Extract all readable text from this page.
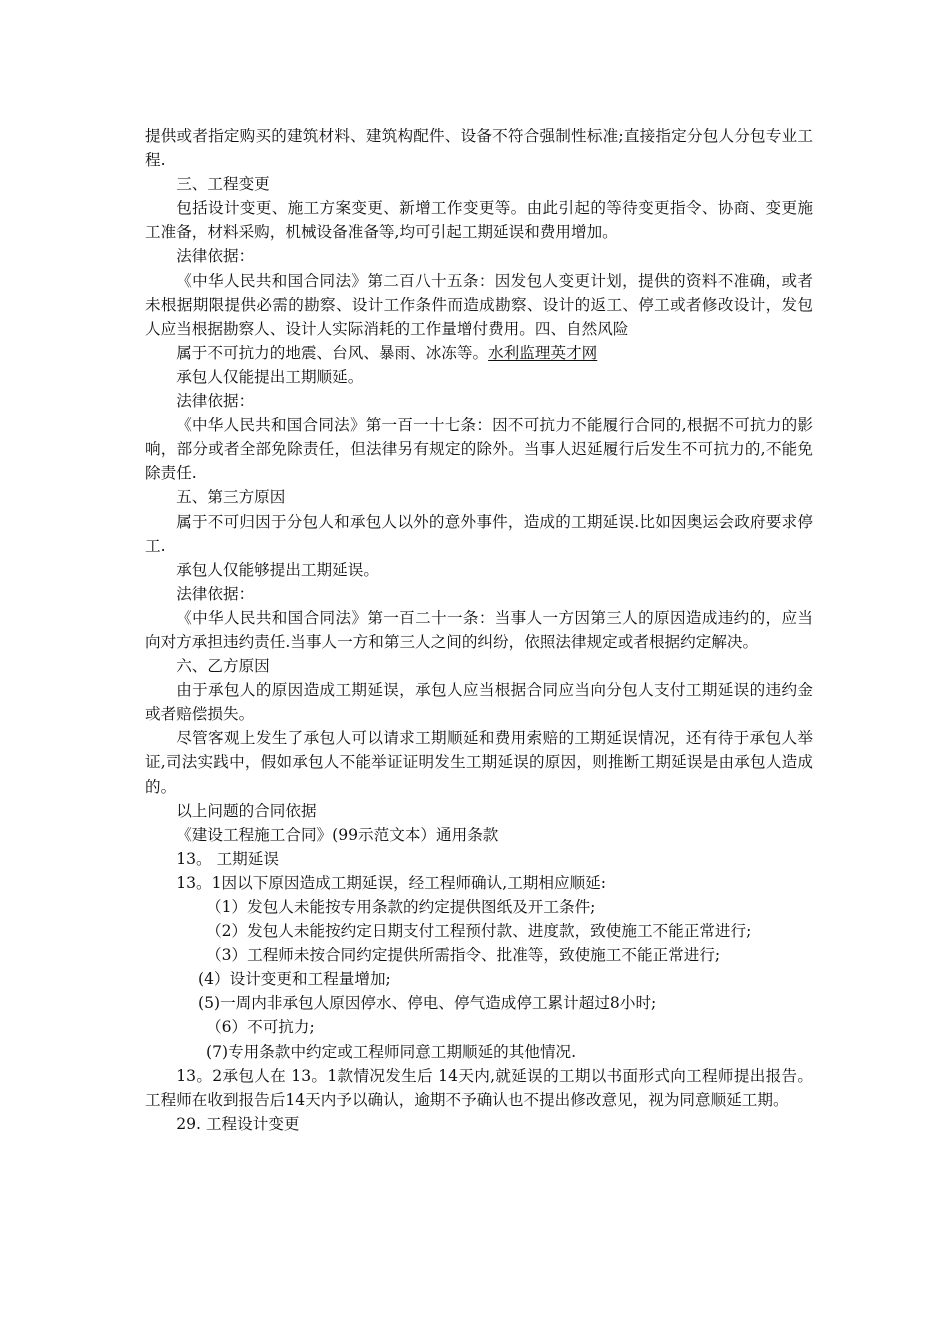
提供或者指定购买的建筑材料、建筑构配件、设备不符合强制性标准;直接指定分包人分包专业工程.

三、工程变更

包括设计变更、施工方案变更、新增工作变更等。由此引起的等待变更指令、协商、变更施工准备，材料采购，机械设备准备等,均可引起工期延误和费用增加。

法律依据：

《中华人民共和国合同法》第二百八十五条：因发包人变更计划，提供的资料不准确，或者未根据期限提供必需的勘察、设计工作条件而造成勘察、设计的返工、停工或者修改设计，发包人应当根据勘察人、设计人实际消耗的工作量增付费用。四、自然风险

属于不可抗力的地震、台风、暴雨、冰冻等。水利监理英才网

承包人仅能提出工期顺延。

法律依据：

《中华人民共和国合同法》第一百一十七条：因不可抗力不能履行合同的,根据不可抗力的影响，部分或者全部免除责任，但法律另有规定的除外。当事人迟延履行后发生不可抗力的,不能免除责任.

五、第三方原因

属于不可归因于分包人和承包人以外的意外事件，造成的工期延误.比如因奥运会政府要求停工.

承包人仅能够提出工期延误。

法律依据：

《中华人民共和国合同法》第一百二十一条：当事人一方因第三人的原因造成违约的，应当向对方承担违约责任.当事人一方和第三人之间的纠纷，依照法律规定或者根据约定解决。

六、乙方原因

由于承包人的原因造成工期延误，承包人应当根据合同应当向分包人支付工期延误的违约金或者赔偿损失。

尽管客观上发生了承包人可以请求工期顺延和费用索赔的工期延误情况，还有待于承包人举证,司法实践中，假如承包人不能举证证明发生工期延误的原因，则推断工期延误是由承包人造成的。

以上问题的合同依据

《建设工程施工合同》(99示范文本）通用条款

13。 工期延误

13。1因以下原因造成工期延误，经工程师确认,工期相应顺延:

（1）发包人未能按专用条款的约定提供图纸及开工条件;

（2）发包人未能按约定日期支付工程预付款、进度款，致使施工不能正常进行;

（3）工程师未按合同约定提供所需指令、批准等，致使施工不能正常进行;

(4）设计变更和工程量增加;

(5)一周内非承包人原因停水、停电、停气造成停工累计超过8小时;

（6）不可抗力;

(7)专用条款中约定或工程师同意工期顺延的其他情况.

13。2承包人在 13。1款情况发生后 14天内,就延误的工期以书面形式向工程师提出报告。工程师在收到报告后14天内予以确认，逾期不予确认也不提出修改意见，视为同意顺延工期。

29. 工程设计变更
